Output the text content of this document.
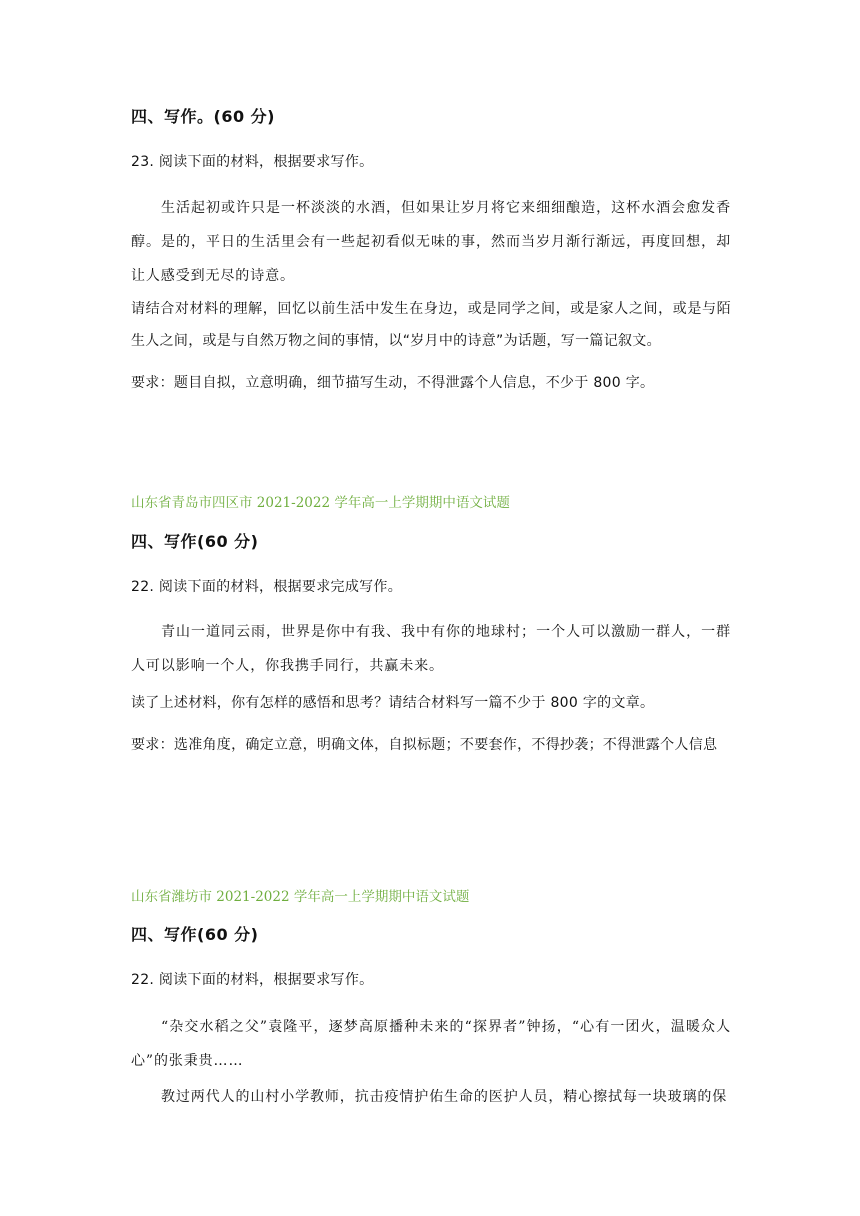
四、写作。(60 分)
23. 阅读下面的材料，根据要求写作。
生活起初或许只是一杯淡淡的水酒，但如果让岁月将它来细细酿造，这杯水酒会愈发香醇。是的，平日的生活里会有一些起初看似无味的事，然而当岁月渐行渐远，再度回想，却让人感受到无尽的诗意。
请结合对材料的理解，回忆以前生活中发生在身边，或是同学之间，或是家人之间，或是与陌生人之间，或是与自然万物之间的事情，以“岁月中的诗意”为话题，写一篇记叙文。
要求：题目自拟，立意明确，细节描写生动，不得泄露个人信息，不少于 800 字。
山东省青岛市四区市 2021-2022 学年高一上学期期中语文试题
四、写作(60 分)
22. 阅读下面的材料，根据要求完成写作。
青山一道同云雨，世界是你中有我、我中有你的地球村；一个人可以激励一群人，一群人可以影响一个人，你我携手同行，共赢未来。
读了上述材料，你有怎样的感悟和思考？请结合材料写一篇不少于 800 字的文章。
要求：选准角度，确定立意，明确文体，自拟标题；不要套作，不得抄袭；不得泄露个人信息
山东省潍坊市 2021-2022 学年高一上学期期中语文试题
四、写作(60 分)
22. 阅读下面的材料，根据要求写作。
“杂交水稻之父”袁隆平，逐梦高原播种未来的“探界者”钟扬，“心有一团火，温暖众人心”的张秉贵……
教过两代人的山村小学教师，抗击疫情护佑生命的医护人员，精心擦拭每一块玻璃的保
